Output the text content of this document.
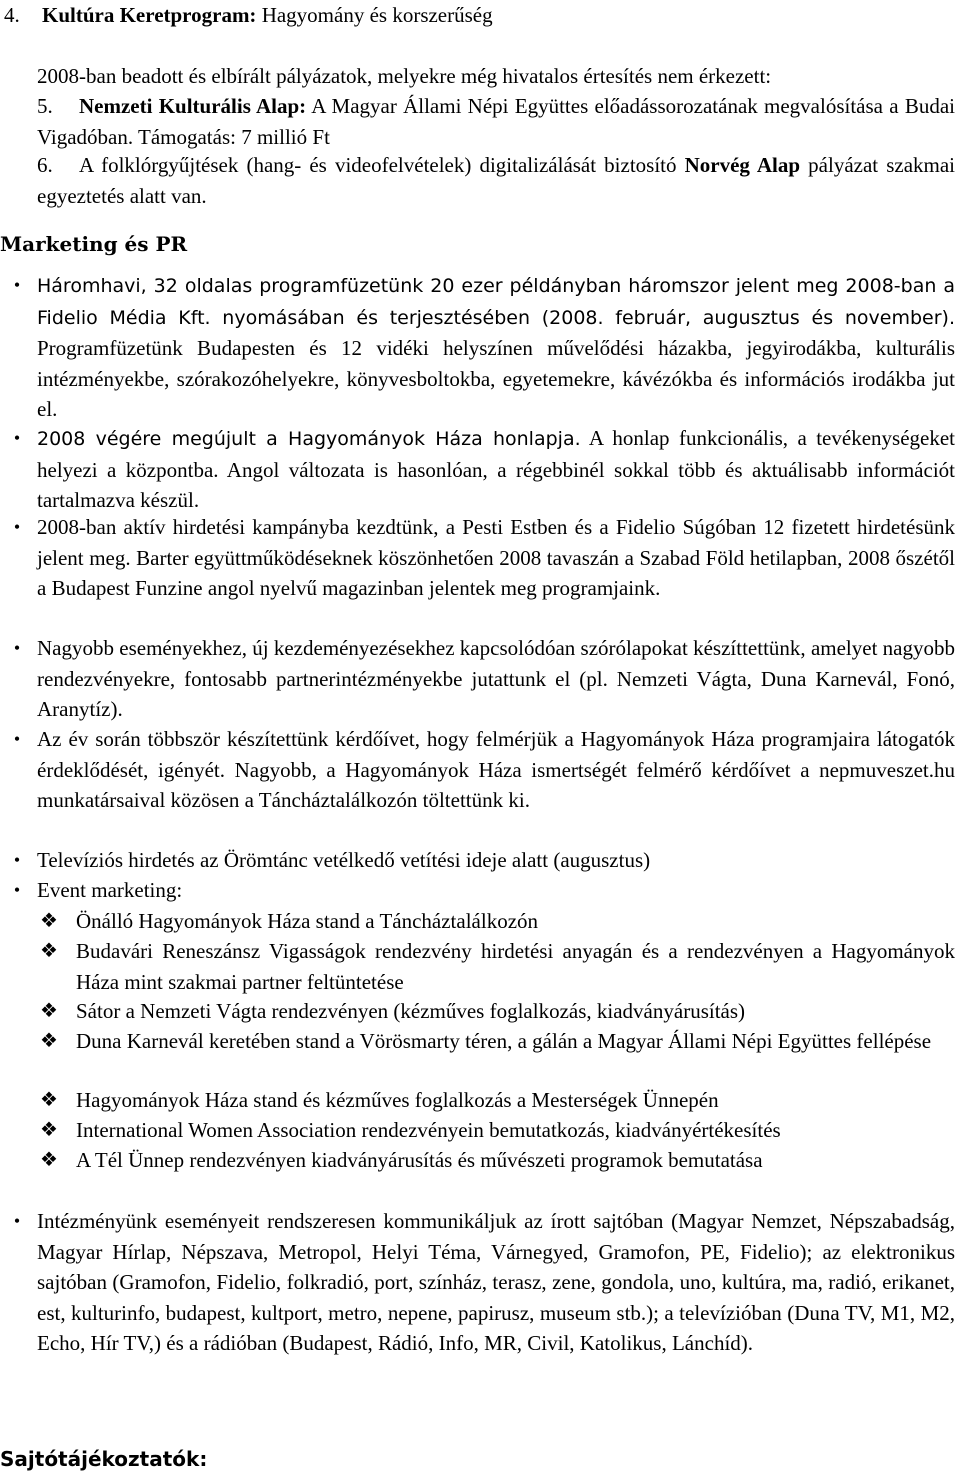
4. Kultúra Keretprogram: Hagyomány és korszerűség
2008-ban beadott és elbírált pályázatok, melyekre még hivatalos értesítés nem érkezett:
5. Nemzeti Kulturális Alap: A Magyar Állami Népi Együttes előadássorozatának megvalósítása a Budai Vigadóban. Támogatás: 7 millió Ft
6. A folklórgyűjtések (hang- és videofelvételek) digitalizálását biztosító Norvég Alap pályázat szakmai egyeztetés alatt van.
Marketing és PR
• Háromhavi, 32 oldalas programfüzetünk 20 ezer példányban háromszor jelent meg 2008-ban a Fidelio Média Kft. nyomásában és terjesztésében (2008. február, augusztus és november). Programfüzetünk Budapesten és 12 vidéki helyszínen művelődési házakba, jegyirodákba, kulturális intézményekbe, szórakozóhelyekre, könyvesboltokba, egyetemekre, kávézókba és információs irodákba jut el.
• 2008 végére megújult a Hagyományok Háza honlapja. A honlap funkcionális, a tevékenységeket helyezi a központba. Angol változata is hasonlóan, a régebbinél sokkal több és aktuálisabb információt tartalmazva készül.
• 2008-ban aktív hirdetési kampányba kezdtünk, a Pesti Estben és a Fidelio Súgóban 12 fizetett hirdetésünk jelent meg. Barter együttműködéseknek köszönhetően 2008 tavaszán a Szabad Föld hetilapban, 2008 őszétől a Budapest Funzine angol nyelvű magazinban jelentek meg programjaink.
• Nagyobb eseményekhez, új kezdeményezésekhez kapcsolódóan szórólapokat készíttettünk, amelyet nagyobb rendezvényekre, fontosabb partnerintézményekbe jutattunk el (pl. Nemzeti Vágta, Duna Karnevál, Fonó, Aranytíz).
• Az év során többször készítettünk kérdőívet, hogy felmérjük a Hagyományok Háza programjaira látogatók érdeklődését, igényét. Nagyobb, a Hagyományok Háza ismertségét felmérő kérdőívet a nepmuveszet.hu munkatársaival közösen a Táncháztalálkozón töltettünk ki.
• Televíziós hirdetés az Örömtánc vetélkedő vetítési ideje alatt (augusztus)
• Event marketing:
❖ Önálló Hagyományok Háza stand a Táncháztalálkozón
❖ Budavári Reneszánsz Vigasságok rendezvény hirdetési anyagán és a rendezvényen a Hagyományok Háza mint szakmai partner feltüntetése
❖ Sátor a Nemzeti Vágta rendezvényen (kézműves foglalkozás, kiadványárusítás)
❖ Duna Karnevál keretében stand a Vörösmarty téren, a gálán a Magyar Állami Népi Együttes fellépése
❖ Hagyományok Háza stand és kézműves foglalkozás a Mesterségek Ünnepén
❖ International Women Association rendezvényein bemutatkozás, kiadványértékesítés
❖ A Tél Ünnep rendezvényen kiadványárusítás és művészeti programok bemutatása
• Intézményünk eseményeit rendszeresen kommunikáljuk az írott sajtóban (Magyar Nemzet, Népszabadság, Magyar Hírlap, Népszava, Metropol, Helyi Téma, Várnegyed, Gramofon, PE, Fidelio); az elektronikus sajtóban (Gramofon, Fidelio, folkradió, port, színház, terasz, zene, gondola, uno, kultúra, ma, radió, erikanet, est, kulturinfo, budapest, kultport, metro, nepene, papirusz, museum stb.); a televízióban (Duna TV, M1, M2, Echo, Hír TV,) és a rádióban (Budapest, Rádió, Info, MR, Civil, Katolikus, Lánchíd).
Sajtótájékoztatók:
